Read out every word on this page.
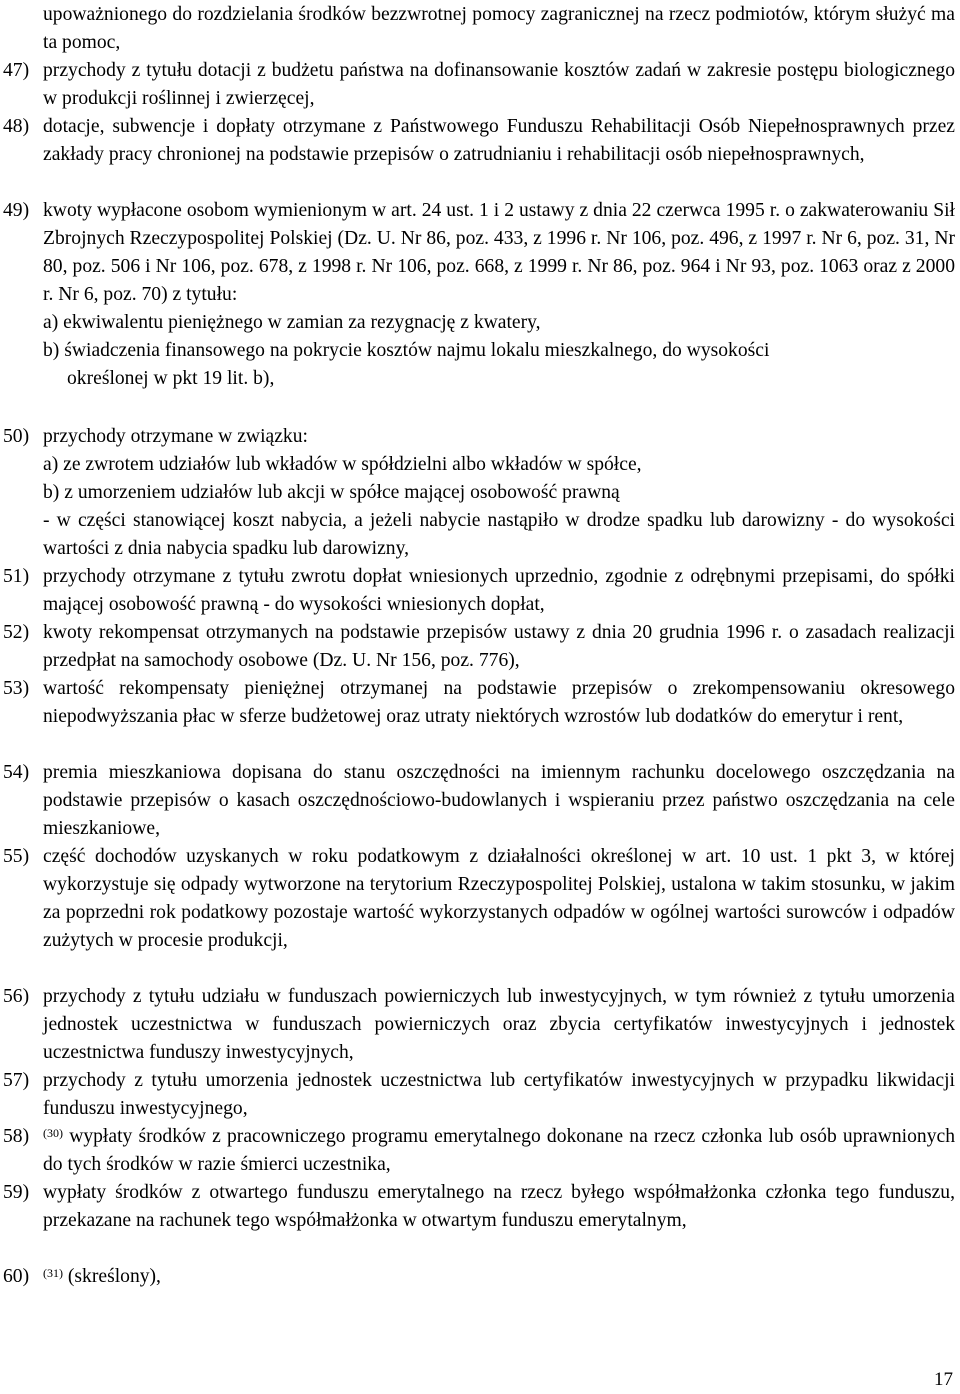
upoważnionego do rozdzielania środków bezzwrotnej pomocy zagranicznej na rzecz podmiotów, którym służyć ma ta pomoc,
47) przychody z tytułu dotacji z budżetu państwa na dofinansowanie kosztów zadań w zakresie postępu biologicznego w produkcji roślinnej i zwierzęcej,
48) dotacje, subwencje i dopłaty otrzymane z Państwowego Funduszu Rehabilitacji Osób Niepełnosprawnych przez zakłady pracy chronionej na podstawie przepisów o zatrudnianiu i rehabilitacji osób niepełnosprawnych,
49) kwoty wypłacone osobom wymienionym w art. 24 ust. 1 i 2 ustawy z dnia 22 czerwca 1995 r. o zakwaterowaniu Sił Zbrojnych Rzeczypospolitej Polskiej (Dz. U. Nr 86, poz. 433, z 1996 r. Nr 106, poz. 496, z 1997 r. Nr 6, poz. 31, Nr 80, poz. 506 i Nr 106, poz. 678, z 1998 r. Nr 106, poz. 668, z 1999 r. Nr 86, poz. 964 i Nr 93, poz. 1063 oraz z 2000 r. Nr 6, poz. 70) z tytułu:
a) ekwiwalentu pieniężnego w zamian za rezygnację z kwatery,
b) świadczenia finansowego na pokrycie kosztów najmu lokalu mieszkalnego, do wysokości
określonej w pkt 19 lit. b),
50) przychody otrzymane w związku:
a) ze zwrotem udziałów lub wkładów w spółdzielni albo wkładów w spółce,
b) z umorzeniem udziałów lub akcji w spółce mającej osobowość prawną
- w części stanowiącej koszt nabycia, a jeżeli nabycie nastąpiło w drodze spadku lub darowizny - do wysokości wartości z dnia nabycia spadku lub darowizny,
51) przychody otrzymane z tytułu zwrotu dopłat wniesionych uprzednio, zgodnie z odrębnymi przepisami, do spółki mającej osobowość prawną - do wysokości wniesionych dopłat,
52) kwoty rekompensat otrzymanych na podstawie przepisów ustawy z dnia 20 grudnia 1996 r. o zasadach realizacji przedpłat na samochody osobowe (Dz. U. Nr 156, poz. 776),
53) wartość rekompensaty pieniężnej otrzymanej na podstawie przepisów o zrekompensowaniu okresowego niepodwyższania płac w sferze budżetowej oraz utraty niektórych wzrostów lub dodatków do emerytur i rent,
54) premia mieszkaniowa dopisana do stanu oszczędności na imiennym rachunku docelowego oszczędzania na podstawie przepisów o kasach oszczędnościowo-budowlanych i wspieraniu przez państwo oszczędzania na cele mieszkaniowe,
55) część dochodów uzyskanych w roku podatkowym z działalności określonej w art. 10 ust. 1 pkt 3, w której wykorzystuje się odpady wytworzone na terytorium Rzeczypospolitej Polskiej, ustalona w takim stosunku, w jakim za poprzedni rok podatkowy pozostaje wartość wykorzystanych odpadów w ogólnej wartości surowców i odpadów zużytych w procesie produkcji,
56) przychody z tytułu udziału w funduszach powierniczych lub inwestycyjnych, w tym również z tytułu umorzenia jednostek uczestnictwa w funduszach powierniczych oraz zbycia certyfikatów inwestycyjnych i jednostek uczestnictwa funduszy inwestycyjnych,
57) przychody z tytułu umorzenia jednostek uczestnictwa lub certyfikatów inwestycyjnych w przypadku likwidacji funduszu inwestycyjnego,
58) $^{(30)}$ wypłaty środków z pracowniczego programu emerytalnego dokonane na rzecz członka lub osób uprawnionych do tych środków w razie śmierci uczestnika,
59) wypłaty środków z otwartego funduszu emerytalnego na rzecz byłego współmałżonka członka tego funduszu, przekazane na rachunek tego współmałżonka w otwartym funduszu emerytalnym,
60) $^{(31)}$ (skreślony),
17
